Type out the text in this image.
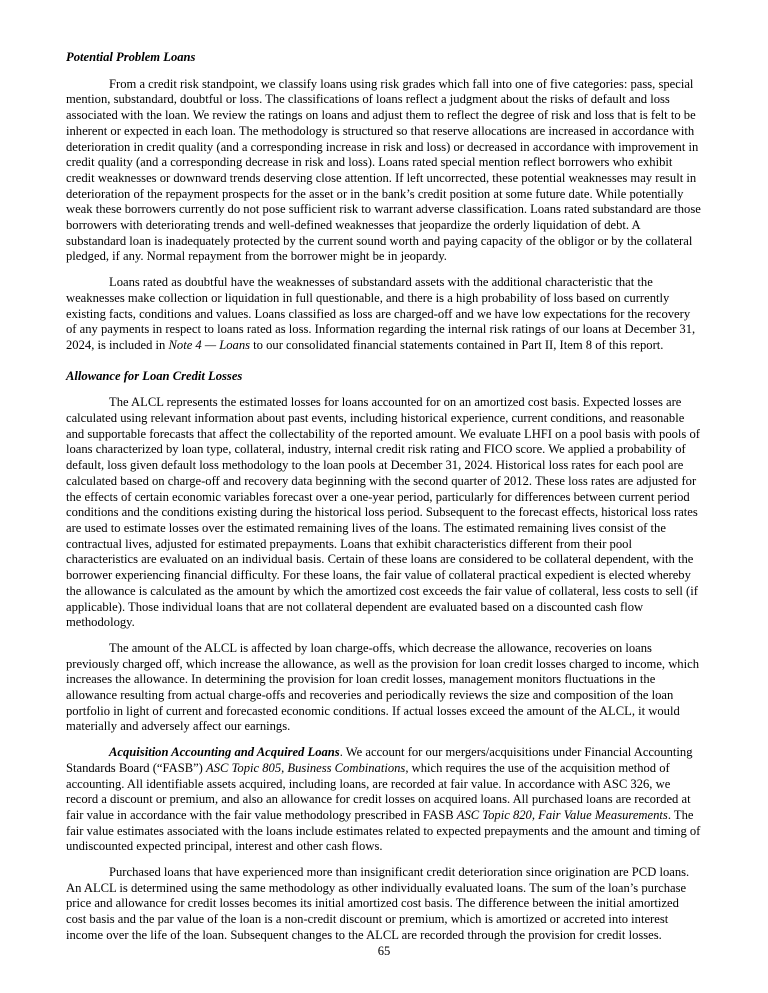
Potential Problem Loans

From a credit risk standpoint, we classify loans using risk grades which fall into one of five categories: pass, special mention, substandard, doubtful or loss. The classifications of loans reflect a judgment about the risks of default and loss associated with the loan. We review the ratings on loans and adjust them to reflect the degree of risk and loss that is felt to be inherent or expected in each loan. The methodology is structured so that reserve allocations are increased in accordance with deterioration in credit quality (and a corresponding increase in risk and loss) or decreased in accordance with improvement in credit quality (and a corresponding decrease in risk and loss). Loans rated special mention reflect borrowers who exhibit credit weaknesses or downward trends deserving close attention. If left uncorrected, these potential weaknesses may result in deterioration of the repayment prospects for the asset or in the bank’s credit position at some future date. While potentially weak these borrowers currently do not pose sufficient risk to warrant adverse classification. Loans rated substandard are those borrowers with deteriorating trends and well-defined weaknesses that jeopardize the orderly liquidation of debt. A substandard loan is inadequately protected by the current sound worth and paying capacity of the obligor or by the collateral pledged, if any. Normal repayment from the borrower might be in jeopardy.

Loans rated as doubtful have the weaknesses of substandard assets with the additional characteristic that the weaknesses make collection or liquidation in full questionable, and there is a high probability of loss based on currently existing facts, conditions and values. Loans classified as loss are charged-off and we have low expectations for the recovery of any payments in respect to loans rated as loss. Information regarding the internal risk ratings of our loans at December 31, 2024, is included in Note 4 — Loans to our consolidated financial statements contained in Part II, Item 8 of this report.

Allowance for Loan Credit Losses

The ALCL represents the estimated losses for loans accounted for on an amortized cost basis. Expected losses are calculated using relevant information about past events, including historical experience, current conditions, and reasonable and supportable forecasts that affect the collectability of the reported amount. We evaluate LHFI on a pool basis with pools of loans characterized by loan type, collateral, industry, internal credit risk rating and FICO score. We applied a probability of default, loss given default loss methodology to the loan pools at December 31, 2024. Historical loss rates for each pool are calculated based on charge-off and recovery data beginning with the second quarter of 2012. These loss rates are adjusted for the effects of certain economic variables forecast over a one-year period, particularly for differences between current period conditions and the conditions existing during the historical loss period. Subsequent to the forecast effects, historical loss rates are used to estimate losses over the estimated remaining lives of the loans. The estimated remaining lives consist of the contractual lives, adjusted for estimated prepayments. Loans that exhibit characteristics different from their pool characteristics are evaluated on an individual basis. Certain of these loans are considered to be collateral dependent, with the borrower experiencing financial difficulty. For these loans, the fair value of collateral practical expedient is elected whereby the allowance is calculated as the amount by which the amortized cost exceeds the fair value of collateral, less costs to sell (if applicable). Those individual loans that are not collateral dependent are evaluated based on a discounted cash flow methodology.

The amount of the ALCL is affected by loan charge-offs, which decrease the allowance, recoveries on loans previously charged off, which increase the allowance, as well as the provision for loan credit losses charged to income, which increases the allowance. In determining the provision for loan credit losses, management monitors fluctuations in the allowance resulting from actual charge-offs and recoveries and periodically reviews the size and composition of the loan portfolio in light of current and forecasted economic conditions. If actual losses exceed the amount of the ALCL, it would materially and adversely affect our earnings.

Acquisition Accounting and Acquired Loans. We account for our mergers/acquisitions under Financial Accounting Standards Board (“FASB”) ASC Topic 805, Business Combinations, which requires the use of the acquisition method of accounting. All identifiable assets acquired, including loans, are recorded at fair value. In accordance with ASC 326, we record a discount or premium, and also an allowance for credit losses on acquired loans. All purchased loans are recorded at fair value in accordance with the fair value methodology prescribed in FASB ASC Topic 820, Fair Value Measurements. The fair value estimates associated with the loans include estimates related to expected prepayments and the amount and timing of undiscounted expected principal, interest and other cash flows.

Purchased loans that have experienced more than insignificant credit deterioration since origination are PCD loans. An ALCL is determined using the same methodology as other individually evaluated loans. The sum of the loan’s purchase price and allowance for credit losses becomes its initial amortized cost basis. The difference between the initial amortized cost basis and the par value of the loan is a non-credit discount or premium, which is amortized or accreted into interest income over the life of the loan. Subsequent changes to the ALCL are recorded through the provision for credit losses.

65
